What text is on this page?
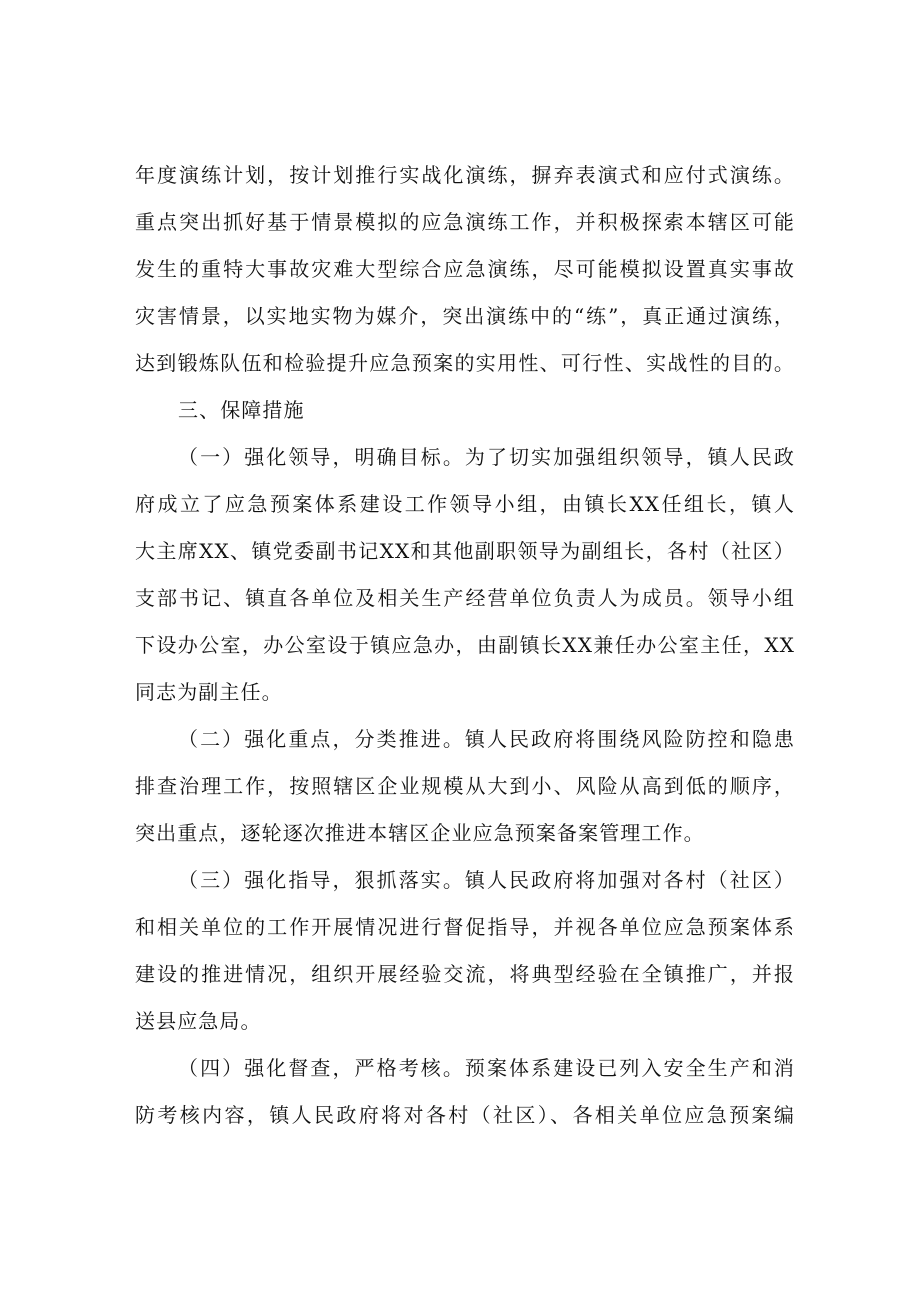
年度演练计划，按计划推行实战化演练，摒弃表演式和应付式演练。
重点突出抓好基于情景模拟的应急演练工作，并积极探索本辖区可能
发生的重特大事故灾难大型综合应急演练，尽可能模拟设置真实事故
灾害情景，以实地实物为媒介，突出演练中的“练”，真正通过演练，
达到锻炼队伍和检验提升应急预案的实用性、可行性、实战性的目的。
三、保障措施
（一）强化领导，明确目标。为了切实加强组织领导，镇人民政
府成立了应急预案体系建设工作领导小组，由镇长XX任组长，镇人
大主席XX、镇党委副书记XX和其他副职领导为副组长，各村（社区）
支部书记、镇直各单位及相关生产经营单位负责人为成员。领导小组
下设办公室，办公室设于镇应急办，由副镇长XX兼任办公室主任，XX
同志为副主任。
（二）强化重点，分类推进。镇人民政府将围绕风险防控和隐患
排查治理工作，按照辖区企业规模从大到小、风险从高到低的顺序，
突出重点，逐轮逐次推进本辖区企业应急预案备案管理工作。
（三）强化指导，狠抓落实。镇人民政府将加强对各村（社区）
和相关单位的工作开展情况进行督促指导，并视各单位应急预案体系
建设的推进情况，组织开展经验交流，将典型经验在全镇推广，并报
送县应急局。
（四）强化督查，严格考核。预案体系建设已列入安全生产和消
防考核内容，镇人民政府将对各村（社区）、各相关单位应急预案编
